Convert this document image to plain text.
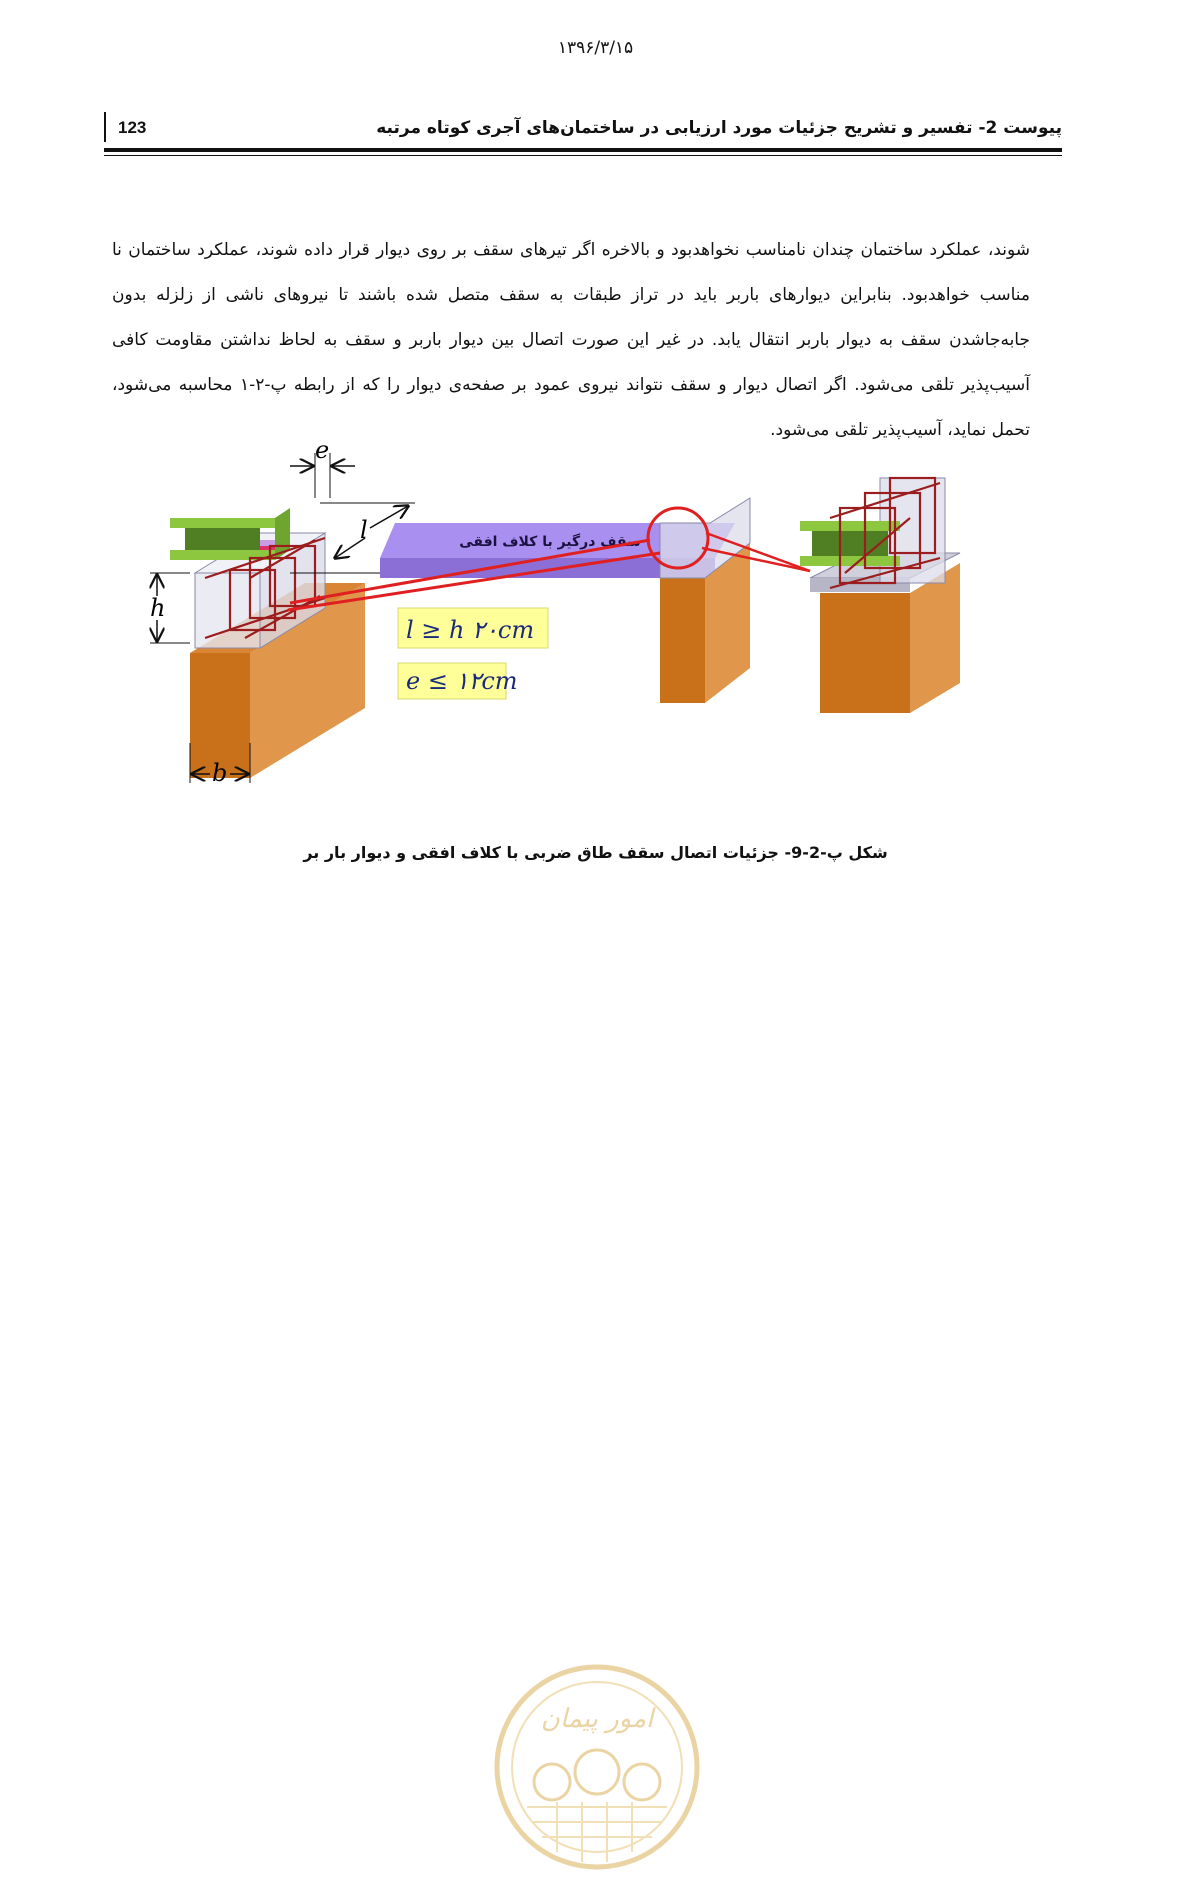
۱۳۹۶/۳/۱۵
123	پیوست 2- تفسیر و تشریح جزئیات مورد ارزیابی در ساختمان‌های آجری کوتاه مرتبه
شوند، عملکرد ساختمان چندان نامناسب نخواهدبود و بالاخره اگر تیرهای سقف بر روی دیوار قرار داده شوند، عملکرد ساختمان نا مناسب خواهدبود. بنابراین دیوارهای باربر باید در تراز طبقات به سقف متصل شده باشند تا نیروهای ناشی از زلزله بدون جابه‌جاشدن سقف به دیوار باربر انتقال یابد. در غیر این صورت اتصال بین دیوار باربر و سقف به لحاظ نداشتن مقاومت کافی آسیب‌پذیر تلقی می‌شود. اگر اتصال دیوار و سقف نتواند نیروی عمود بر صفحه‌ی دیوار را که از رابطه پ-۲-۱ محاسبه می‌شود، تحمل نماید، آسیب‌پذیر تلقی می‌شود.
e
l
h
b
سقف درگیر با کلاف افقی
l ≥ h ۲۰cm
e ≤ ۱۲cm
شکل پ-2-9- جزئیات اتصال سقف طاق ضربی با کلاف افقی و دیوار بار بر
امور پیمان
